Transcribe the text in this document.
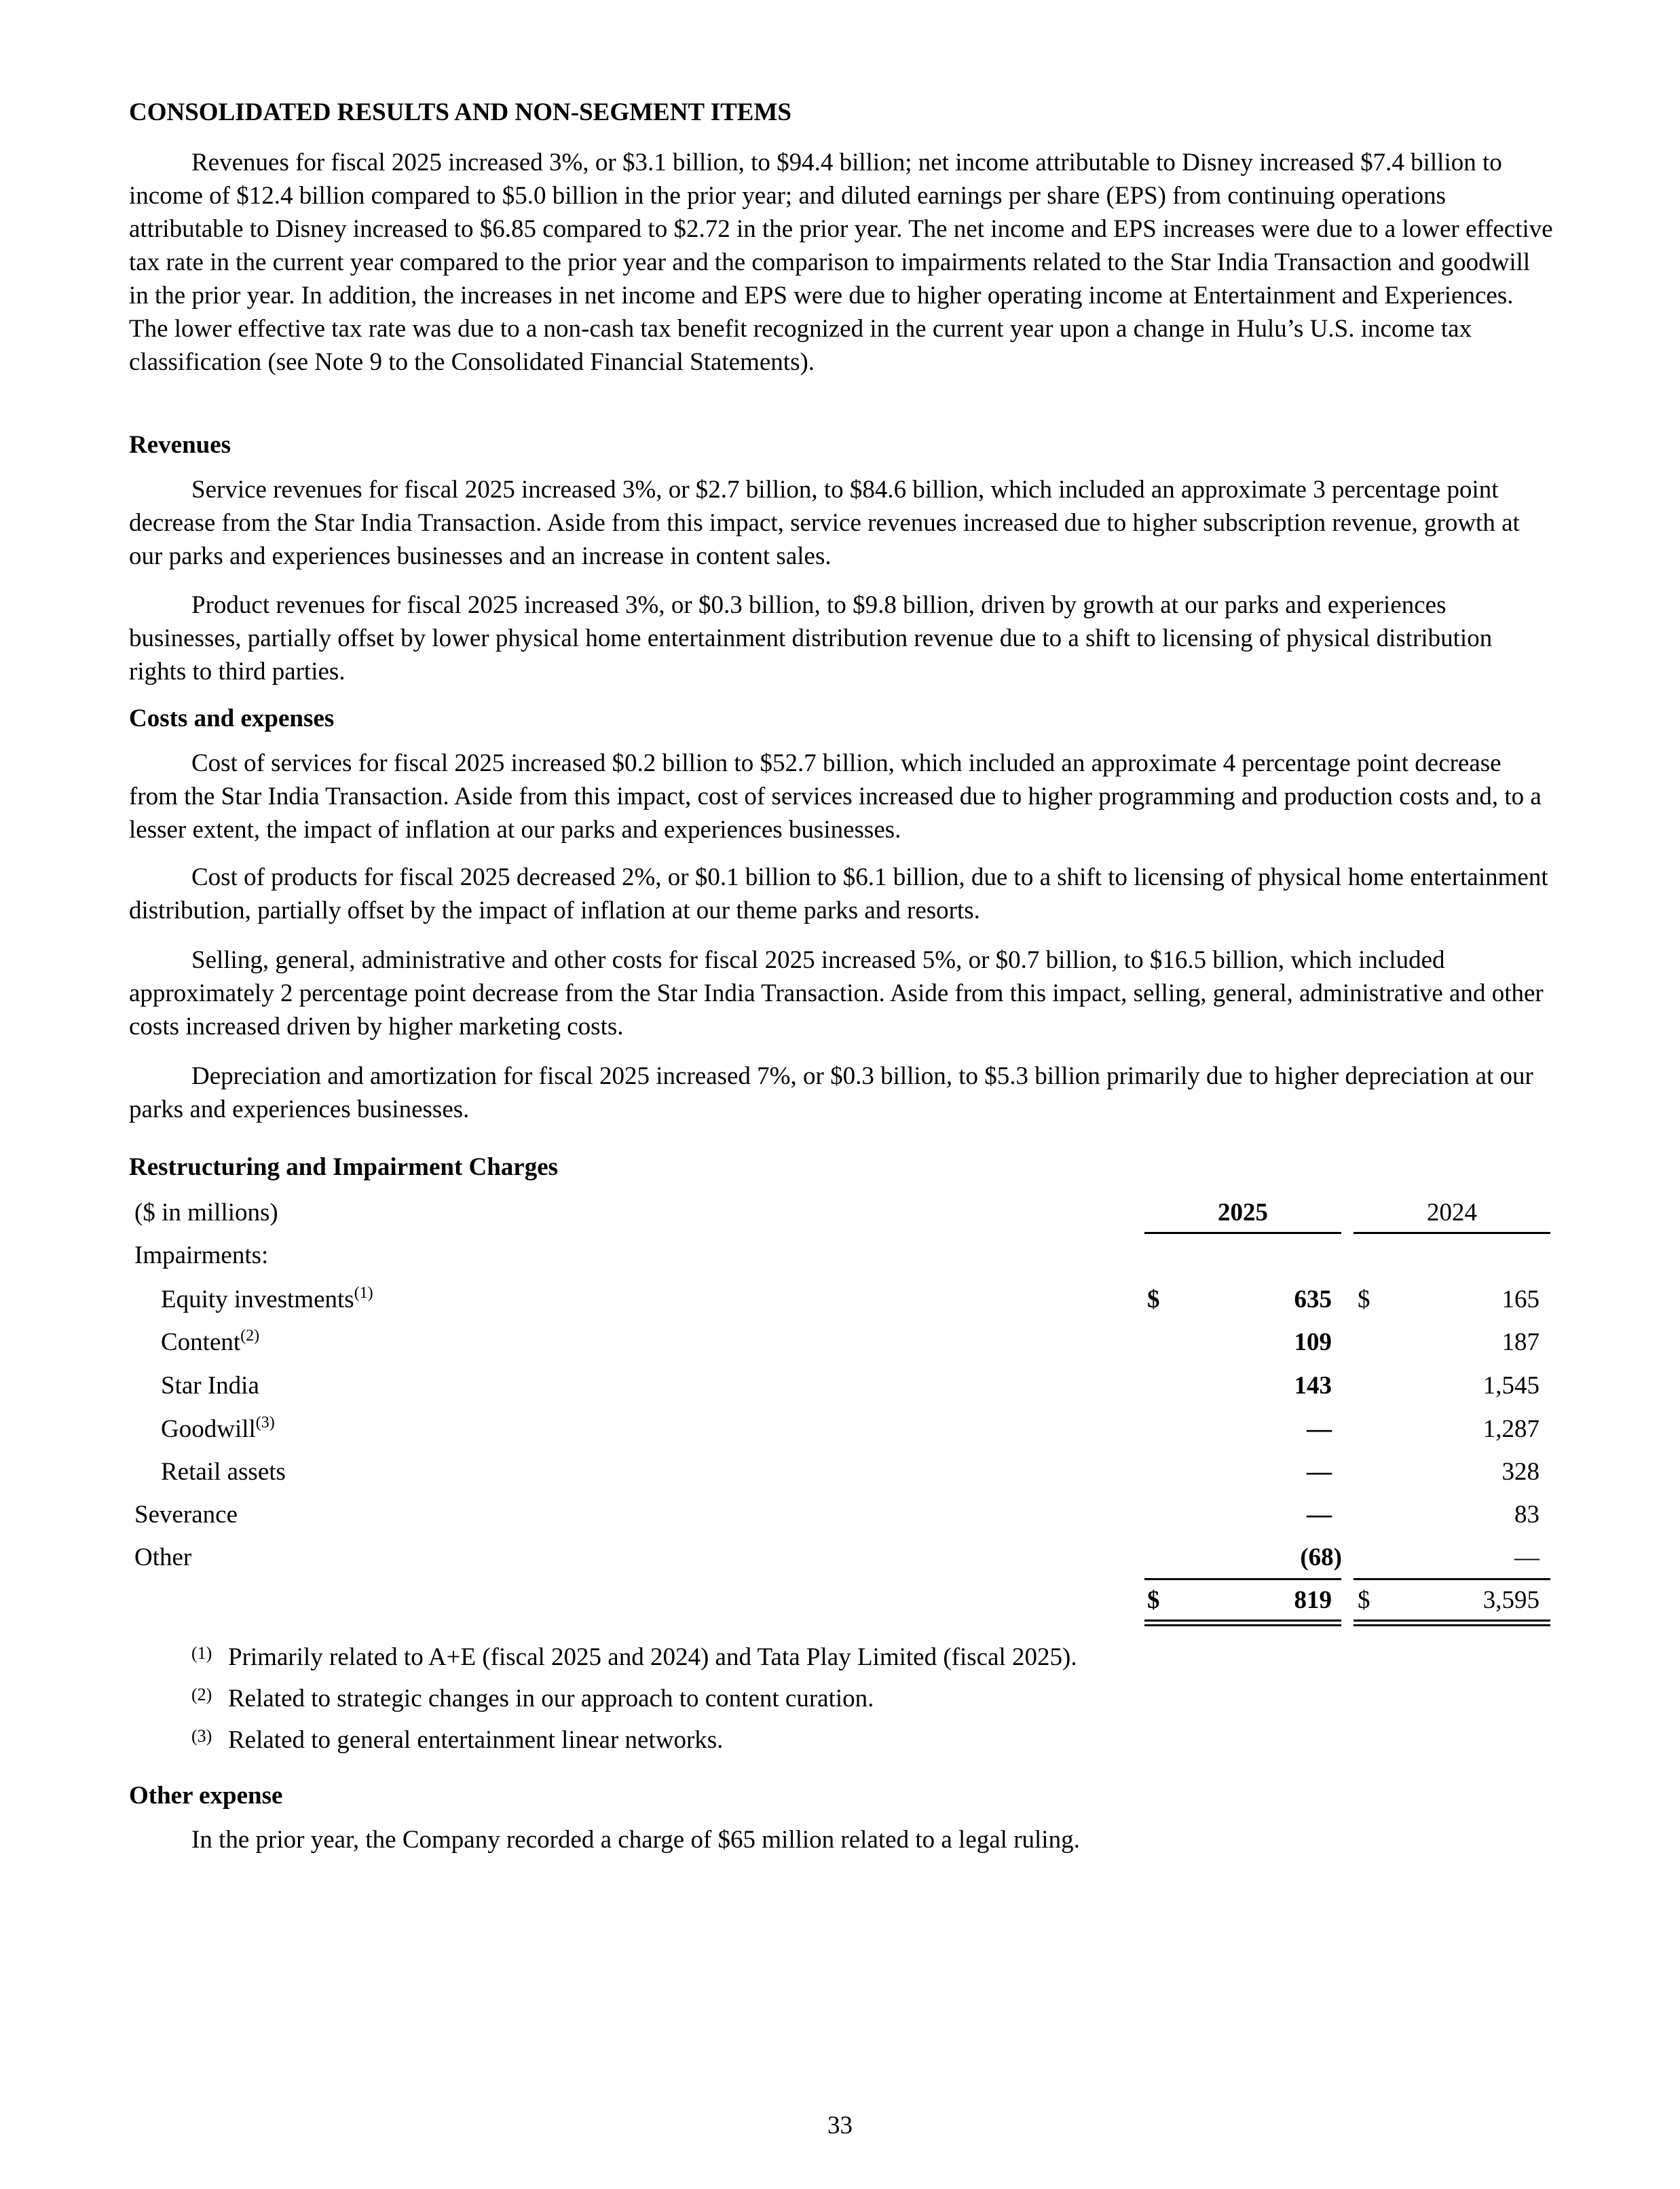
CONSOLIDATED RESULTS AND NON-SEGMENT ITEMS

Revenues for fiscal 2025 increased 3%, or $3.1 billion, to $94.4 billion; net income attributable to Disney increased $7.4 billion to income of $12.4 billion compared to $5.0 billion in the prior year; and diluted earnings per share (EPS) from continuing operations attributable to Disney increased to $6.85 compared to $2.72 in the prior year. The net income and EPS increases were due to a lower effective tax rate in the current year compared to the prior year and the comparison to impairments related to the Star India Transaction and goodwill in the prior year. In addition, the increases in net income and EPS were due to higher operating income at Entertainment and Experiences. The lower effective tax rate was due to a non-cash tax benefit recognized in the current year upon a change in Hulu’s U.S. income tax classification (see Note 9 to the Consolidated Financial Statements).

Revenues

Service revenues for fiscal 2025 increased 3%, or $2.7 billion, to $84.6 billion, which included an approximate 3 percentage point decrease from the Star India Transaction. Aside from this impact, service revenues increased due to higher subscription revenue, growth at our parks and experiences businesses and an increase in content sales.

Product revenues for fiscal 2025 increased 3%, or $0.3 billion, to $9.8 billion, driven by growth at our parks and experiences businesses, partially offset by lower physical home entertainment distribution revenue due to a shift to licensing of physical distribution rights to third parties.

Costs and expenses

Cost of services for fiscal 2025 increased $0.2 billion to $52.7 billion, which included an approximate 4 percentage point decrease from the Star India Transaction. Aside from this impact, cost of services increased due to higher programming and production costs and, to a lesser extent, the impact of inflation at our parks and experiences businesses.

Cost of products for fiscal 2025 decreased 2%, or $0.1 billion to $6.1 billion, due to a shift to licensing of physical home entertainment distribution, partially offset by the impact of inflation at our theme parks and resorts.

Selling, general, administrative and other costs for fiscal 2025 increased 5%, or $0.7 billion, to $16.5 billion, which included approximately 2 percentage point decrease from the Star India Transaction. Aside from this impact, selling, general, administrative and other costs increased driven by higher marketing costs.

Depreciation and amortization for fiscal 2025 increased 7%, or $0.3 billion, to $5.3 billion primarily due to higher depreciation at our parks and experiences businesses.

Restructuring and Impairment Charges
($ in millions)	2025	2024
Impairments:
Equity investments$^{(1)}$	$	635 $	165
Content$^{(2)}$	109	187
Star India	143	1,545
Goodwill$^{(3)}$	—	1,287
Retail assets	—	328
Severance	—	83
Other	(68)	—
$	819 $	3,595
(1) Primarily related to A+E (fiscal 2025 and 2024) and Tata Play Limited (fiscal 2025).
(2) Related to strategic changes in our approach to content curation.
(3) Related to general entertainment linear networks.
Other expense

In the prior year, the Company recorded a charge of $65 million related to a legal ruling.

33
